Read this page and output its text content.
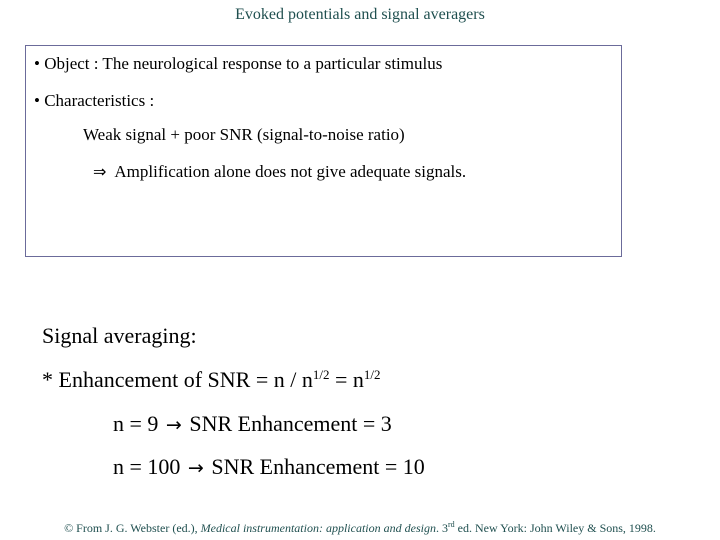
Evoked potentials and signal averagers
• Object : The neurological response to a particular stimulus
• Characteristics :
Weak signal + poor SNR (signal-to-noise ratio)
⇒ Amplification alone does not give adequate signals.
Signal averaging:
* Enhancement of SNR = $n / n^{1/2} = n^{1/2}$
n = 9 → SNR Enhancement = 3
n = 100 → SNR Enhancement = 10
© From J. G. Webster (ed.), Medical instrumentation: application and design. 3rd ed. New York: John Wiley & Sons, 1998.
